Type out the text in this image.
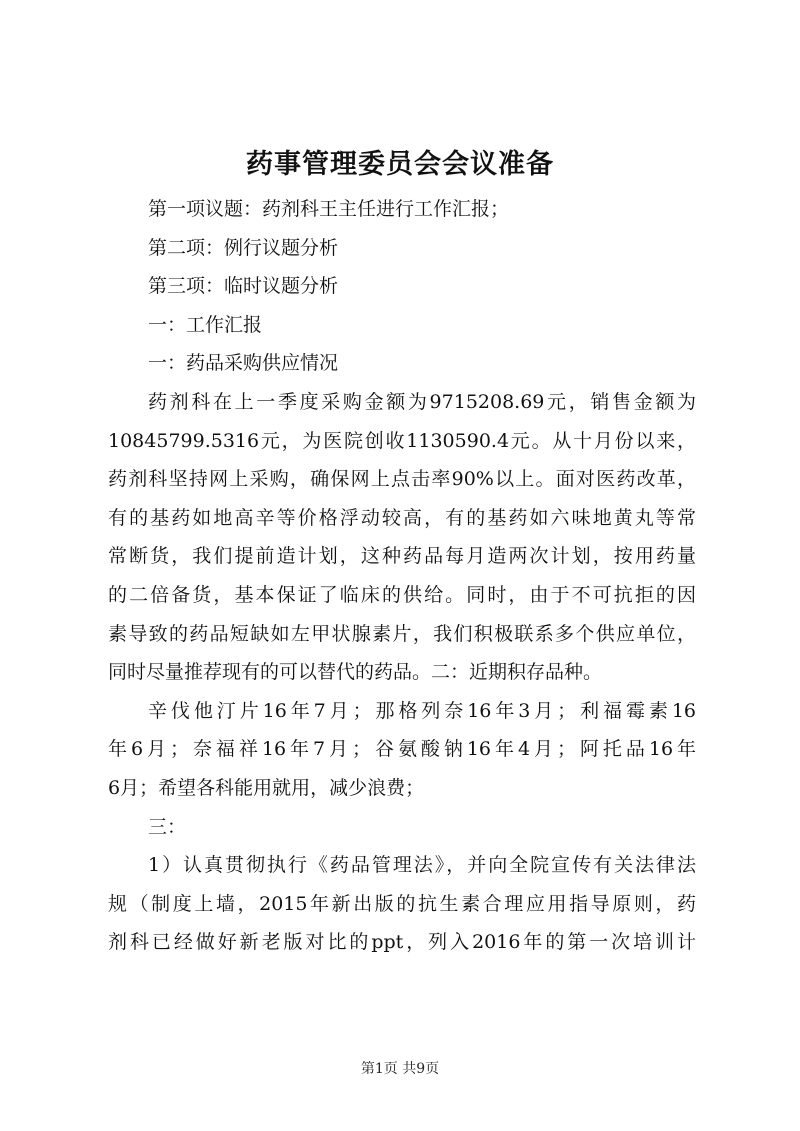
药事管理委员会会议准备
第一项议题：药剂科王主任进行工作汇报；
第二项：例行议题分析
第三项：临时议题分析
一：工作汇报
一：药品采购供应情况
药剂科在上一季度采购金额为9715208.69元，销售金额为
10845799.5316元，为医院创收1130590.4元。从十月份以来，
药剂科坚持网上采购，确保网上点击率90%以上。面对医药改革，
有的基药如地高辛等价格浮动较高，有的基药如六味地黄丸等常
常断货，我们提前造计划，这种药品每月造两次计划，按用药量
的二倍备货，基本保证了临床的供给。同时，由于不可抗拒的因
素导致的药品短缺如左甲状腺素片，我们积极联系多个供应单位，
同时尽量推荐现有的可以替代的药品。二：近期积存品种。
辛伐他汀片16年7月；那格列奈16年3月；利福霉素16
年6月；奈福祥16年7月；谷氨酸钠16年4月；阿托品16年
6月；希望各科能用就用，减少浪费；
三：
1）认真贯彻执行《药品管理法》，并向全院宣传有关法律法
规（制度上墙，2015年新出版的抗生素合理应用指导原则，药
剂科已经做好新老版对比的ppt，列入2016年的第一次培训计
第1页 共9页
